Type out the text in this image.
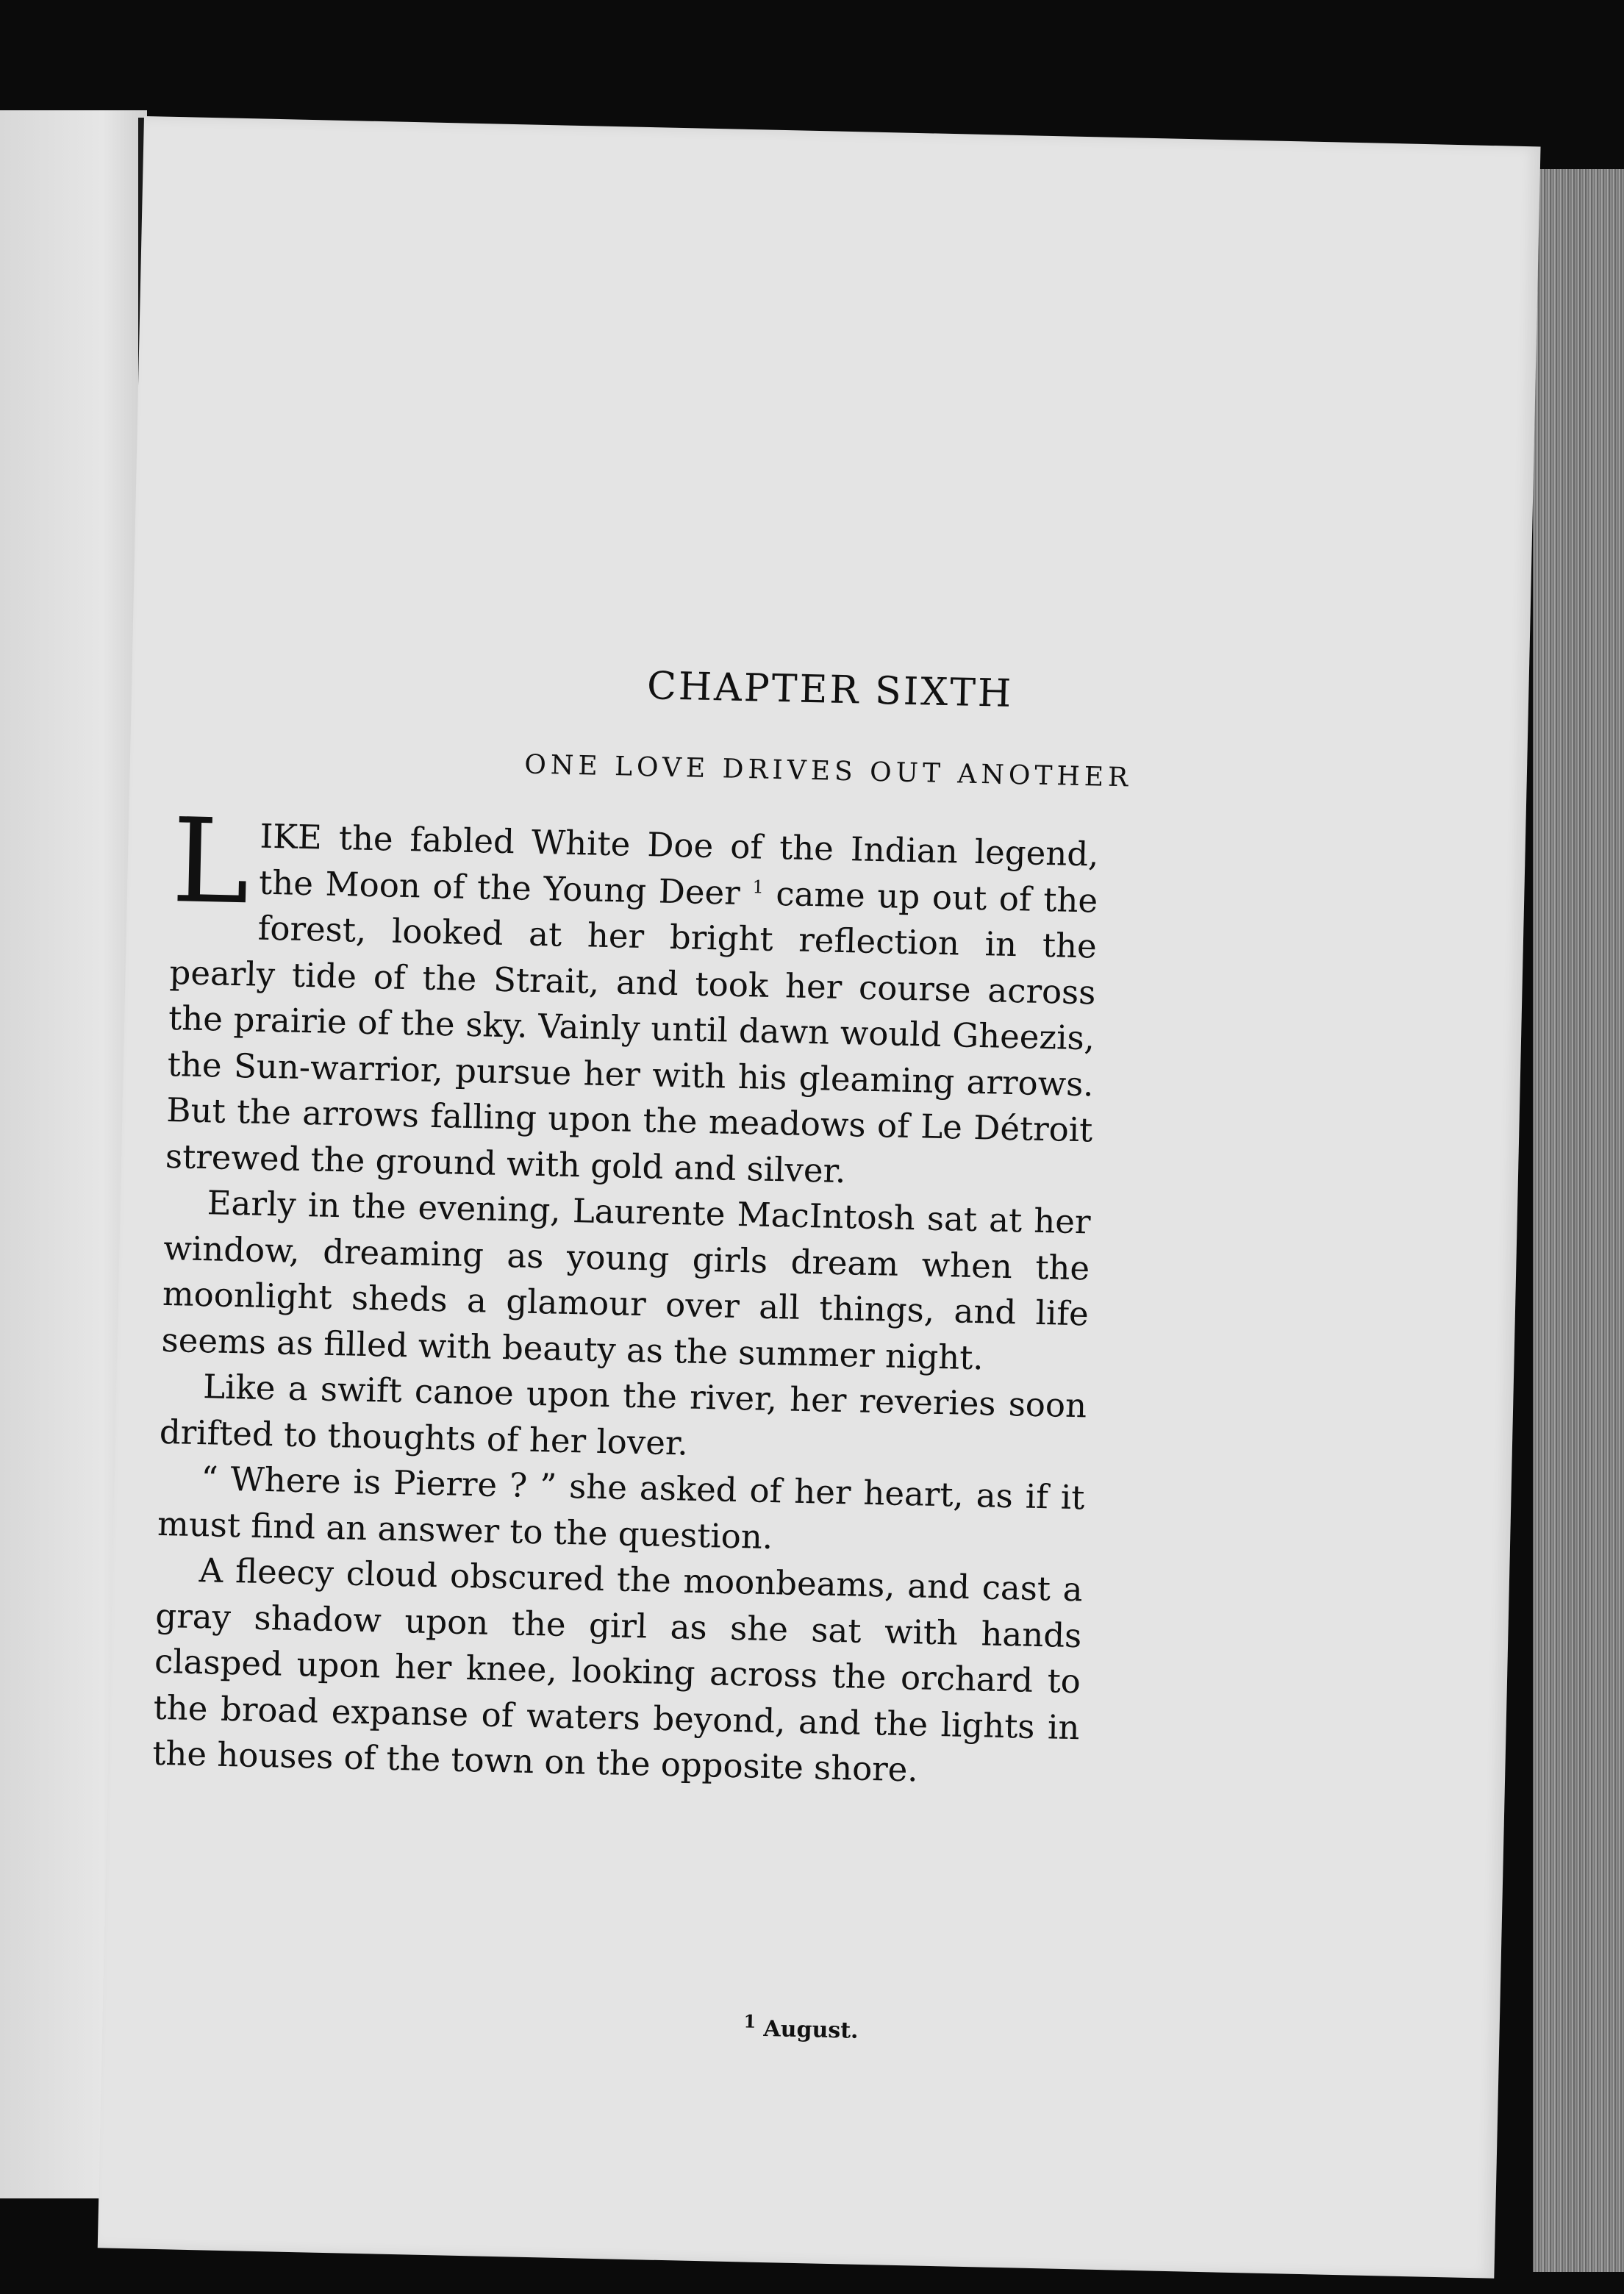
CHAPTER SIXTH
ONE LOVE DRIVES OUT ANOTHER

LIKE the fabled White Doe of the Indian legend, the Moon of the Young Deer $^1$ came up out of the forest, looked at her bright reflection in the pearly tide of the Strait, and took her course across the prairie of the sky. Vainly until dawn would Gheezis, the Sun-warrior, pursue her with his gleaming arrows. But the arrows falling upon the meadows of Le Détroit strewed the ground with gold and silver.

Early in the evening, Laurente MacIntosh sat at her window, dreaming as young girls dream when the moonlight sheds a glamour over all things, and life seems as filled with beauty as the summer night.

Like a swift canoe upon the river, her reveries soon drifted to thoughts of her lover.

“ Where is Pierre ? ” she asked of her heart, as if it must find an answer to the question.

A fleecy cloud obscured the moonbeams, and cast a gray shadow upon the girl as she sat with hands clasped upon her knee, looking across the orchard to the broad expanse of waters beyond, and the lights in the houses of the town on the opposite shore.

$^1$ August.
